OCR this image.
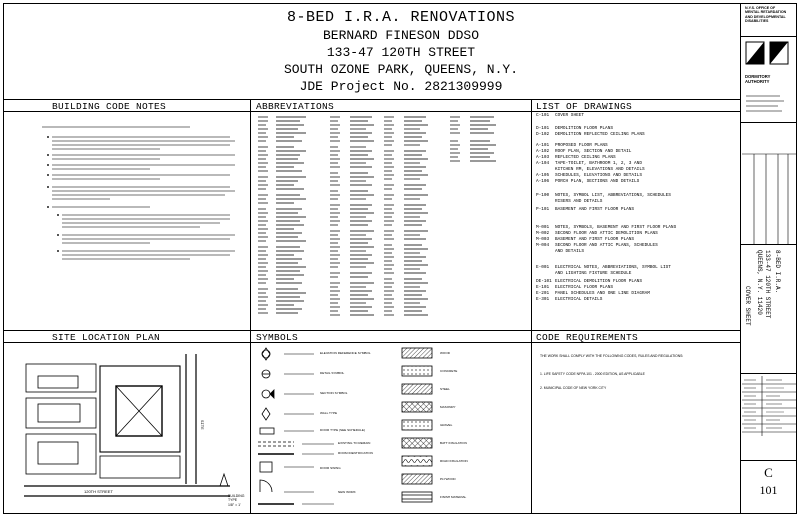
8-BED I.R.A. RENOVATIONS
BERNARD FINESON DDSO
133-47 120TH STREET
SOUTH OZONE PARK, QUEENS, N.Y.
JDE Project No. 2821309999
BUILDING CODE NOTES	ABBREVIATIONS	LIST OF DRAWINGS
SITE LOCATION PLAN	SYMBOLS	CODE REQUIREMENTS
C-101 COVER SHEET
D-101 DEMOLITION FLOOR PLANS
D-102 DEMOLITION REFLECTED CEILING PLANS
A-101 PROPOSED FLOOR PLANS
A-102 ROOF PLAN, SECTION AND DETAIL
A-103 REFLECTED CEILING PLANS
A-104 TAPE-TOILET, BATHROOM 1, 2, 3 AND
KITCHEN RM, ELEVATIONS AND DETAILS
A-105 SCHEDULES, ELEVATIONS AND DETAILS
A-106 PORCH PLAN, SECTIONS AND DETAILS
P-100 NOTES, SYMBOL LIST, ABBREVIATIONS, SCHEDULES
RISERS AND DETAILS
P-101 BASEMENT AND FIRST FLOOR PLANS
M-001 NOTES, SYMBOLS, BASEMENT AND FIRST FLOOR PLANS
M-002 SECOND FLOOR AND ATTIC DEMOLITION PLANS
M-003 BASEMENT AND FIRST FLOOR PLANS
M-004 SECOND FLOOR AND ATTIC PLANS, SCHEDULES
AND DETAILS
E-001 ELECTRICAL NOTES, ABBREVIATIONS, SYMBOL LIST
AND LIGHTING FIXTURE SCHEDULE
DE-101 ELECTRICAL DEMOLITION FLOOR PLANS
E-101 ELECTRICAL FLOOR PLANS
E-201 PANEL SCHEDULES AND ONE LINE DIAGRAM
E-301 ELECTRICAL DETAILS
THE WORK SHALL COMPLY WITH THE FOLLOWING CODES, RULES AND REGULATIONS:
1. LIFE SAFETY CODE NFPA 101 - 2000 EDITION, AS APPLICABLE
2. MUNICIPAL CODE OF NEW YORK CITY
120TH STREET
SITE
BUILDING TYPE
1/8" = 1'
ELEVATION REFERENCE SYMBOL
DETAIL SYMBOL
SECTION SYMBOL
WALL TYPE
DOOR TYPE (SEE SCHEDULE)
EXISTING TO REMAIN
ROOM IDENTIFICATION
DOOR SWING
NEW WORK
WOOD
CONCRETE
STEEL
MASONRY
GRAVEL
BATT INSULATION
RIGID INSULATION
PLYWOOD
FINISH MATERIAL
N.Y.S. OFFICE OF
MENTAL RETARDATION
AND DEVELOPMENTAL
DISABILITIES
DORMITORY
AUTHORITY
8-BED I.R.A.
133-47 120TH STREET
QUEENS, N.Y. 11420
COVER SHEET
C
101
